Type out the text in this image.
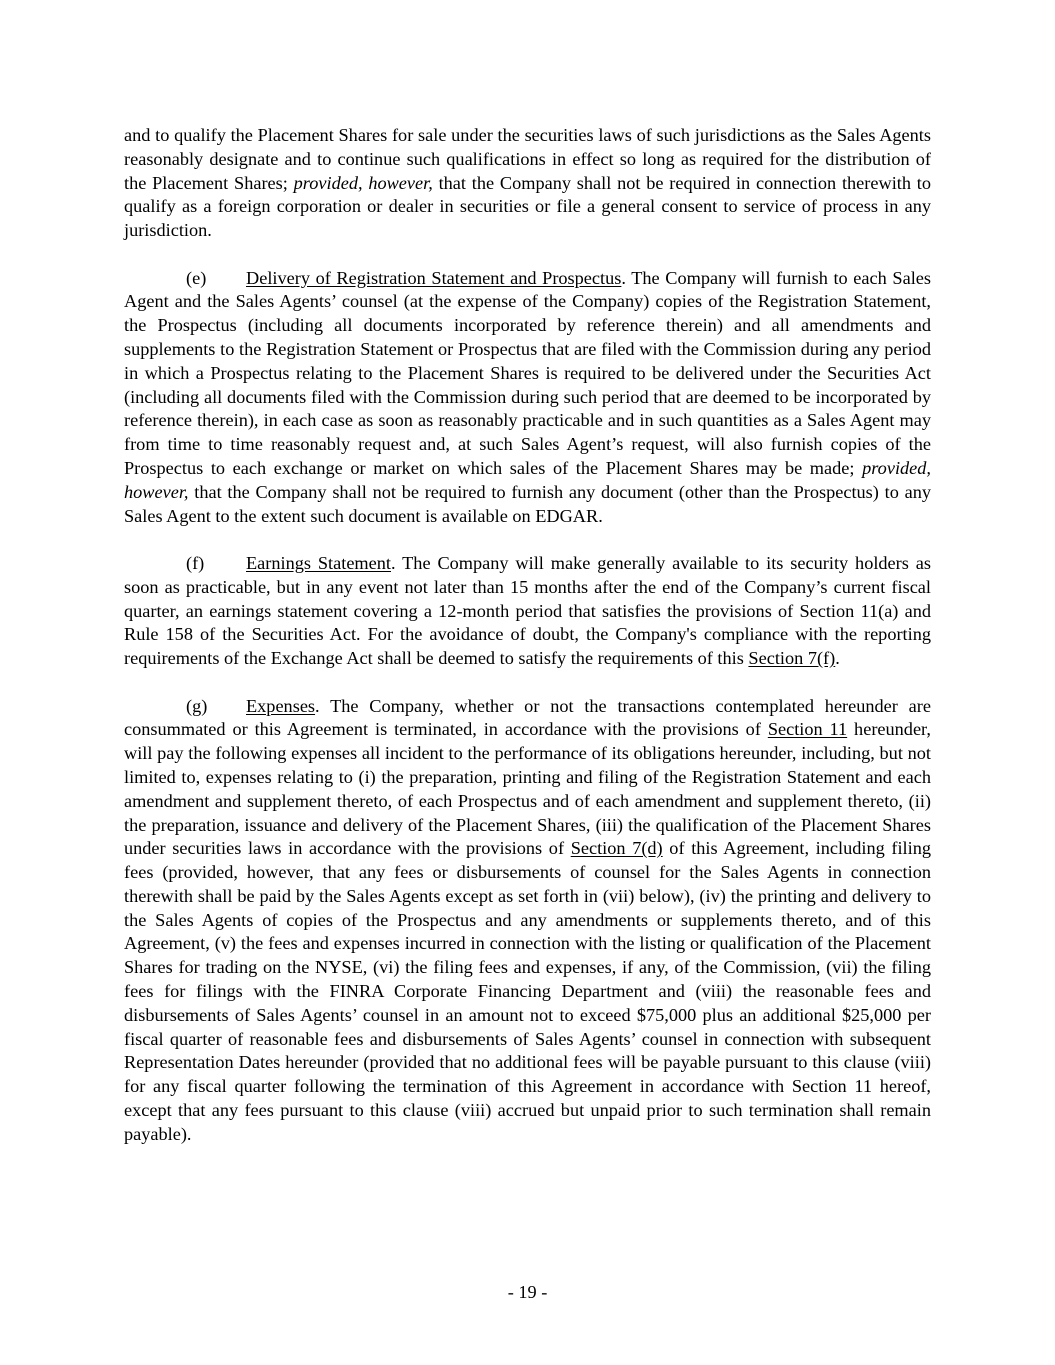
and to qualify the Placement Shares for sale under the securities laws of such jurisdictions as the Sales Agents reasonably designate and to continue such qualifications in effect so long as required for the distribution of the Placement Shares; provided, however, that the Company shall not be required in connection therewith to qualify as a foreign corporation or dealer in securities or file a general consent to service of process in any jurisdiction.

(e) Delivery of Registration Statement and Prospectus. The Company will furnish to each Sales Agent and the Sales Agents’ counsel (at the expense of the Company) copies of the Registration Statement, the Prospectus (including all documents incorporated by reference therein) and all amendments and supplements to the Registration Statement or Prospectus that are filed with the Commission during any period in which a Prospectus relating to the Placement Shares is required to be delivered under the Securities Act (including all documents filed with the Commission during such period that are deemed to be incorporated by reference therein), in each case as soon as reasonably practicable and in such quantities as a Sales Agent may from time to time reasonably request and, at such Sales Agent’s request, will also furnish copies of the Prospectus to each exchange or market on which sales of the Placement Shares may be made; provided, however, that the Company shall not be required to furnish any document (other than the Prospectus) to any Sales Agent to the extent such document is available on EDGAR.

(f) Earnings Statement. The Company will make generally available to its security holders as soon as practicable, but in any event not later than 15 months after the end of the Company’s current fiscal quarter, an earnings statement covering a 12-month period that satisfies the provisions of Section 11(a) and Rule 158 of the Securities Act. For the avoidance of doubt, the Company's compliance with the reporting requirements of the Exchange Act shall be deemed to satisfy the requirements of this Section 7(f).

(g) Expenses. The Company, whether or not the transactions contemplated hereunder are consummated or this Agreement is terminated, in accordance with the provisions of Section 11 hereunder, will pay the following expenses all incident to the performance of its obligations hereunder, including, but not limited to, expenses relating to (i) the preparation, printing and filing of the Registration Statement and each amendment and supplement thereto, of each Prospectus and of each amendment and supplement thereto, (ii) the preparation, issuance and delivery of the Placement Shares, (iii) the qualification of the Placement Shares under securities laws in accordance with the provisions of Section 7(d) of this Agreement, including filing fees (provided, however, that any fees or disbursements of counsel for the Sales Agents in connection therewith shall be paid by the Sales Agents except as set forth in (vii) below), (iv) the printing and delivery to the Sales Agents of copies of the Prospectus and any amendments or supplements thereto, and of this Agreement, (v) the fees and expenses incurred in connection with the listing or qualification of the Placement Shares for trading on the NYSE, (vi) the filing fees and expenses, if any, of the Commission, (vii) the filing fees for filings with the FINRA Corporate Financing Department and (viii) the reasonable fees and disbursements of Sales Agents’ counsel in an amount not to exceed $75,000 plus an additional $25,000 per fiscal quarter of reasonable fees and disbursements of Sales Agents’ counsel in connection with subsequent Representation Dates hereunder (provided that no additional fees will be payable pursuant to this clause (viii) for any fiscal quarter following the termination of this Agreement in accordance with Section 11 hereof, except that any fees pursuant to this clause (viii) accrued but unpaid prior to such termination shall remain payable).

- 19 -
